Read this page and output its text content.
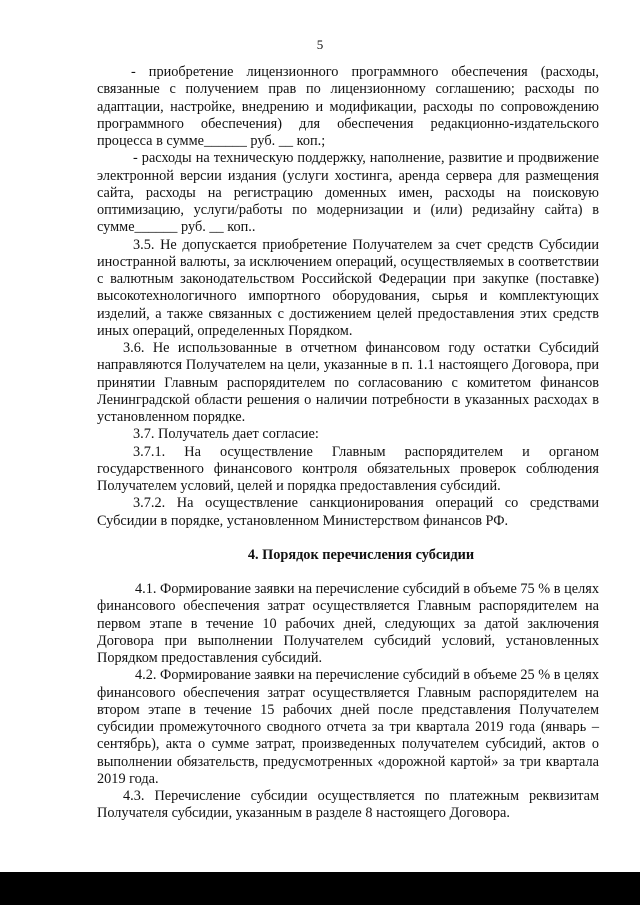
5

- приобретение лицензионного программного обеспечения (расходы, связанные с получением прав по лицензионному соглашению; расходы по адаптации, настройке, внедрению и модификации, расходы по сопровождению программного обеспечения) для обеспечения редакционно-издательского процесса в сумме______ руб. __ коп.;

- расходы на техническую поддержку, наполнение, развитие и продвижение электронной версии издания (услуги хостинга, аренда сервера для размещения сайта, расходы на регистрацию доменных имен, расходы на поисковую оптимизацию, услуги/работы по модернизации и (или) редизайну сайта) в сумме______ руб. __ коп..

3.5. Не допускается приобретение Получателем за счет средств Субсидии иностранной валюты, за исключением операций, осуществляемых в соответствии с валютным законодательством Российской Федерации при закупке (поставке) высокотехнологичного импортного оборудования, сырья и комплектующих изделий, а также связанных с достижением целей предоставления этих средств иных операций, определенных Порядком.

3.6. Не использованные в отчетном финансовом году остатки Субсидий направляются Получателем на цели, указанные в п. 1.1 настоящего Договора, при принятии Главным распорядителем по согласованию с комитетом финансов Ленинградской области решения о наличии потребности в указанных расходах в установленном порядке.

3.7. Получатель дает согласие:

3.7.1. На осуществление Главным распорядителем и органом государственного финансового контроля обязательных проверок соблюдения Получателем условий, целей и порядка предоставления субсидий.

3.7.2. На осуществление санкционирования операций со средствами Субсидии в порядке, установленном Министерством финансов РФ.

4. Порядок перечисления субсидии

4.1. Формирование заявки на перечисление субсидий в объеме 75 % в целях финансового обеспечения затрат осуществляется Главным распорядителем на первом этапе в течение 10 рабочих дней, следующих за датой заключения Договора при выполнении Получателем субсидий условий, установленных Порядком предоставления субсидий.

4.2. Формирование заявки на перечисление субсидий в объеме 25 % в целях финансового обеспечения затрат осуществляется Главным распорядителем на втором этапе в течение 15 рабочих дней после представления Получателем субсидии промежуточного сводного отчета за три квартала 2019 года (январь – сентябрь), акта о сумме затрат, произведенных получателем субсидий, актов о выполнении обязательств, предусмотренных «дорожной картой» за три квартала 2019 года.

4.3. Перечисление субсидии осуществляется по платежным реквизитам Получателя субсидии, указанным в разделе 8 настоящего Договора.
